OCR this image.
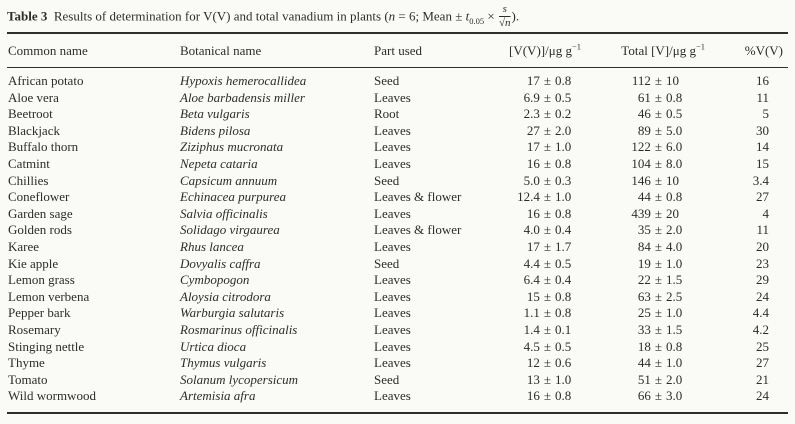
Table 3  Results of determination for V(V) and total vanadium in plants (n = 6; Mean ± $t_{0.05} \times \frac{s}{√n}$ ).
Common name	Botanical name	Part used	[V(V)]/μg $g^{-1}$	Total [V]/μg $g^{-1}$	%V(V)
African potato	Hypoxis hemerocallidea	Seed	17 ± 0.8	112 ± 10	16
Aloe vera	Aloe barbadensis miller	Leaves	6.9 ± 0.5	61 ± 0.8	11
Beetroot	Beta vulgaris	Root	2.3 ± 0.2	46 ± 0.5	5
Blackjack	Bidens pilosa	Leaves	27 ± 2.0	89 ± 5.0	30
Buffalo thorn	Ziziphus mucronata	Leaves	17 ± 1.0	122 ± 6.0	14
Catmint	Nepeta cataria	Leaves	16 ± 0.8	104 ± 8.0	15
Chillies	Capsicum annuum	Seed	5.0 ± 0.3	146 ± 10	3.4
Coneflower	Echinacea purpurea	Leaves & flower	12.4 ± 1.0	44 ± 0.8	27
Garden sage	Salvia officinalis	Leaves	16 ± 0.8	439 ± 20	4
Golden rods	Solidago virgaurea	Leaves & flower	4.0 ± 0.4	35 ± 2.0	11
Karee	Rhus lancea	Leaves	17 ± 1.7	84 ± 4.0	20
Kie apple	Dovyalis caffra	Seed	4.4 ± 0.5	19 ± 1.0	23
Lemon grass	Cymbopogon	Leaves	6.4 ± 0.4	22 ± 1.5	29
Lemon verbena	Aloysia citrodora	Leaves	15 ± 0.8	63 ± 2.5	24
Pepper bark	Warburgia salutaris	Leaves	1.1 ± 0.8	25 ± 1.0	4.4
Rosemary	Rosmarinus officinalis	Leaves	1.4 ± 0.1	33 ± 1.5	4.2
Stinging nettle	Urtica dioca	Leaves	4.5 ± 0.5	18 ± 0.8	25
Thyme	Thymus vulgaris	Leaves	12 ± 0.6	44 ± 1.0	27
Tomato	Solanum lycopersicum	Seed	13 ± 1.0	51 ± 2.0	21
Wild wormwood	Artemisia afra	Leaves	16 ± 0.8	66 ± 3.0	24
